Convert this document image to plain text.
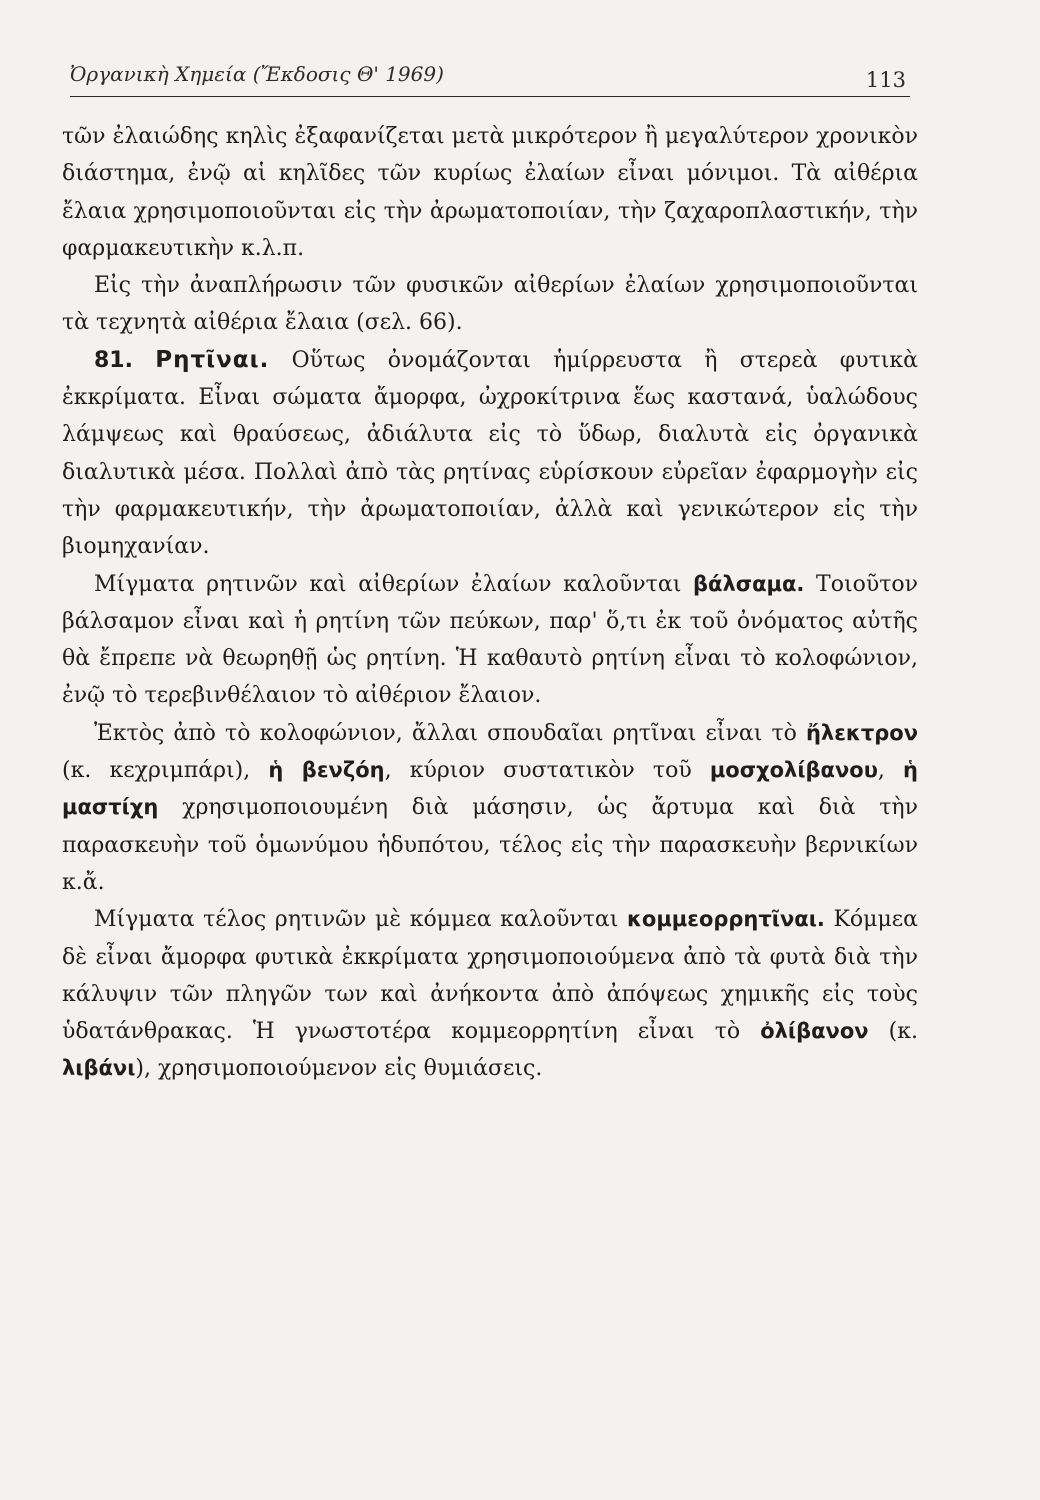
Ὀργανικὴ Χημεία (Ἔκδοσις Θ' 1969)	113

τῶν ἐλαιώδης κηλὶς ἐξαφανίζεται μετὰ μικρότερον ἢ μεγαλύτερον χρονικὸν διάστημα, ἐνῷ αἱ κηλῖδες τῶν κυρίως ἐλαίων εἶναι μόνιμοι. Τὰ αἰθέρια ἔλαια χρησιμοποιοῦνται εἰς τὴν ἀρωματοποιίαν, τὴν ζαχαροπλαστικήν, τὴν φαρμακευτικὴν κ.λ.π.

Εἰς τὴν ἀναπλήρωσιν τῶν φυσικῶν αἰθερίων ἐλαίων χρησιμοποιοῦνται τὰ τεχνητὰ αἰθέρια ἔλαια (σελ. 66).

81. Ρητῖναι. Οὕτως ὀνομάζονται ἡμίρρευστα ἢ στερεὰ φυτικὰ ἐκκρίματα. Εἶναι σώματα ἄμορφα, ὠχροκίτρινα ἕως καστανά, ὑαλώδους λάμψεως καὶ θραύσεως, ἀδιάλυτα εἰς τὸ ὕδωρ, διαλυτὰ εἰς ὀργανικὰ διαλυτικὰ μέσα. Πολλαὶ ἀπὸ τὰς ρητίνας εὑρίσκουν εὐρεῖαν ἐφαρμογὴν εἰς τὴν φαρμακευτικήν, τὴν ἀρωματοποιίαν, ἀλλὰ καὶ γενικώτερον εἰς τὴν βιομηχανίαν.

Μίγματα ρητινῶν καὶ αἰθερίων ἐλαίων καλοῦνται βάλσαμα. Τοιοῦτον βάλσαμον εἶναι καὶ ἡ ρητίνη τῶν πεύκων, παρ' ὅ,τι ἐκ τοῦ ὀνόματος αὐτῆς θὰ ἔπρεπε νὰ θεωρηθῇ ὡς ρητίνη. Ἡ καθαυτὸ ρητίνη εἶναι τὸ κολοφώνιον, ἐνῷ τὸ τερεβινθέλαιον τὸ αἰθέριον ἔλαιον.

Ἐκτὸς ἀπὸ τὸ κολοφώνιον, ἄλλαι σπουδαῖαι ρητῖναι εἶναι τὸ ἤλεκτρον (κ. κεχριμπάρι), ἡ βενζόη, κύριον συστατικὸν τοῦ μοσχολίβανου, ἡ μαστίχη χρησιμοποιουμένη διὰ μάσησιν, ὡς ἄρτυμα καὶ διὰ τὴν παρασκευὴν τοῦ ὁμωνύμου ἡδυπότου, τέλος εἰς τὴν παρασκευὴν βερνικίων κ.ἄ.

Μίγματα τέλος ρητινῶν μὲ κόμμεα καλοῦνται κομμεορρητῖναι. Κόμμεα δὲ εἶναι ἄμορφα φυτικὰ ἐκκρίματα χρησιμοποιούμενα ἀπὸ τὰ φυτὰ διὰ τὴν κάλυψιν τῶν πληγῶν των καὶ ἀνήκοντα ἀπὸ ἀπόψεως χημικῆς εἰς τοὺς ὑδατάνθρακας. Ἡ γνωστοτέρα κομμεορρητίνη εἶναι τὸ ὀλίβανον (κ. λιβάνι), χρησιμοποιούμενον εἰς θυμιάσεις.
